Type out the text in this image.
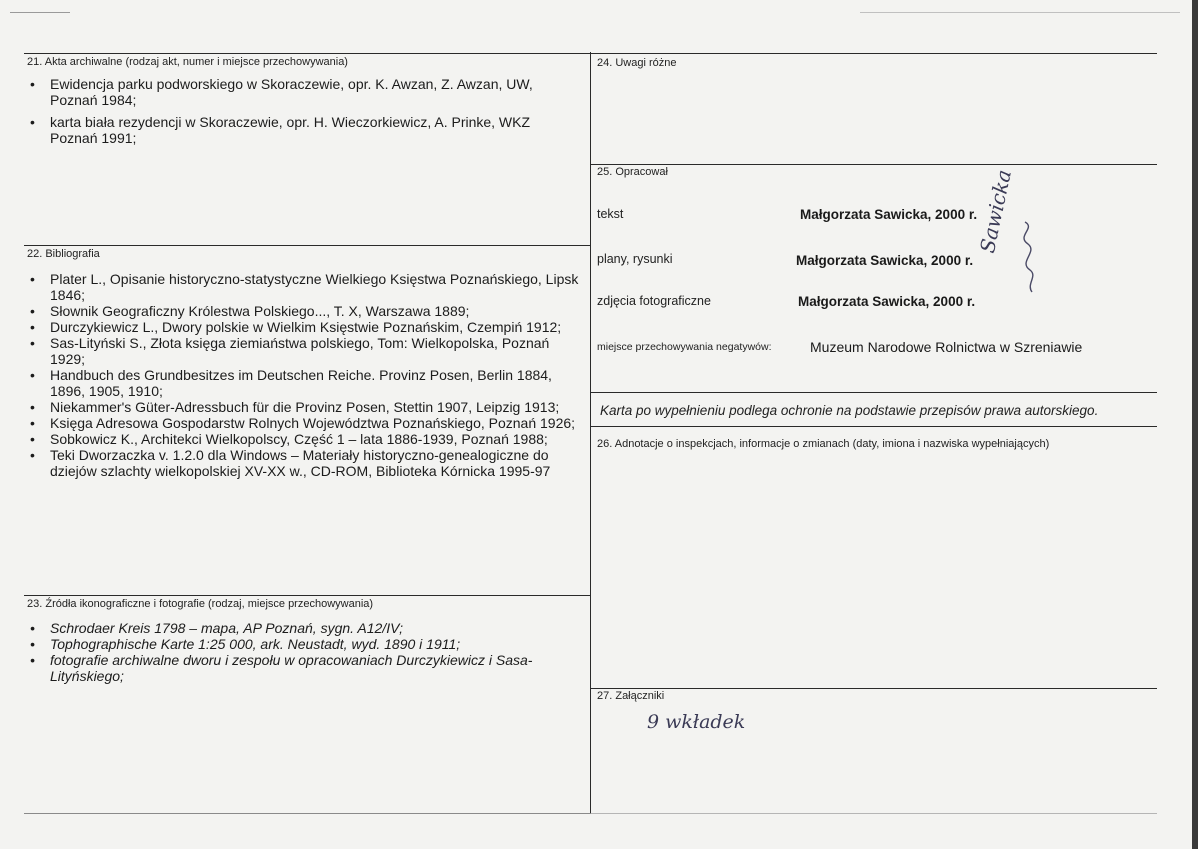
21. Akta archiwalne (rodzaj akt, numer i miejsce przechowywania)
• Ewidencja parku podworskiego w Skoraczewie, opr. K. Awzan, Z. Awzan, UW, Poznań 1984;
• karta biała rezydencji w Skoraczewie, opr. H. Wieczorkiewicz, A. Prinke, WKZ Poznań 1991;
22. Bibliografia
• Plater L., Opisanie historyczno-statystyczne Wielkiego Księstwa Poznańskiego, Lipsk 1846;
• Słownik Geograficzny Królestwa Polskiego..., T. X, Warszawa 1889;
• Durczykiewicz L., Dwory polskie w Wielkim Księstwie Poznańskim, Czempiń 1912;
• Sas-Lityński S., Złota księga ziemiaństwa polskiego, Tom: Wielkopolska, Poznań 1929;
• Handbuch des Grundbesitzes im Deutschen Reiche. Provinz Posen, Berlin 1884, 1896, 1905, 1910;
• Niekammer's Güter-Adressbuch für die Provinz Posen, Stettin 1907, Leipzig 1913;
• Księga Adresowa Gospodarstw Rolnych Województwa Poznańskiego, Poznań 1926;
• Sobkowicz K., Architekci Wielkopolscy, Część 1 – lata 1886-1939, Poznań 1988;
• Teki Dworzaczka v. 1.2.0 dla Windows – Materiały historyczno-genealogiczne do dziejów szlachty wielkopolskiej XV-XX w., CD-ROM, Biblioteka Kórnicka 1995-97
23. Źródła ikonograficzne i fotografie (rodzaj, miejsce przechowywania)
• Schrodaer Kreis 1798 – mapa, AP Poznań, sygn. A12/IV;
• Tophographische Karte 1:25 000, ark. Neustadt, wyd. 1890 i 1911;
• fotografie archiwalne dworu i zespołu w opracowaniach Durczykiewicz i Sasa-Lityńskiego;
24. Uwagi różne
25. Opracował
tekst	Małgorzata Sawicka, 2000 r.
plany, rysunki	Małgorzata Sawicka, 2000 r.
zdjęcia fotograficzne	Małgorzata Sawicka, 2000 r.
Sawicka
miejsce przechowywania negatywów:	Muzeum Narodowe Rolnictwa w Szreniawie
Karta po wypełnieniu podlega ochronie na podstawie przepisów prawa autorskiego.
26. Adnotacje o inspekcjach, informacje o zmianach (daty, imiona i nazwiska wypełniających)
27. Załączniki
9 wkładek
